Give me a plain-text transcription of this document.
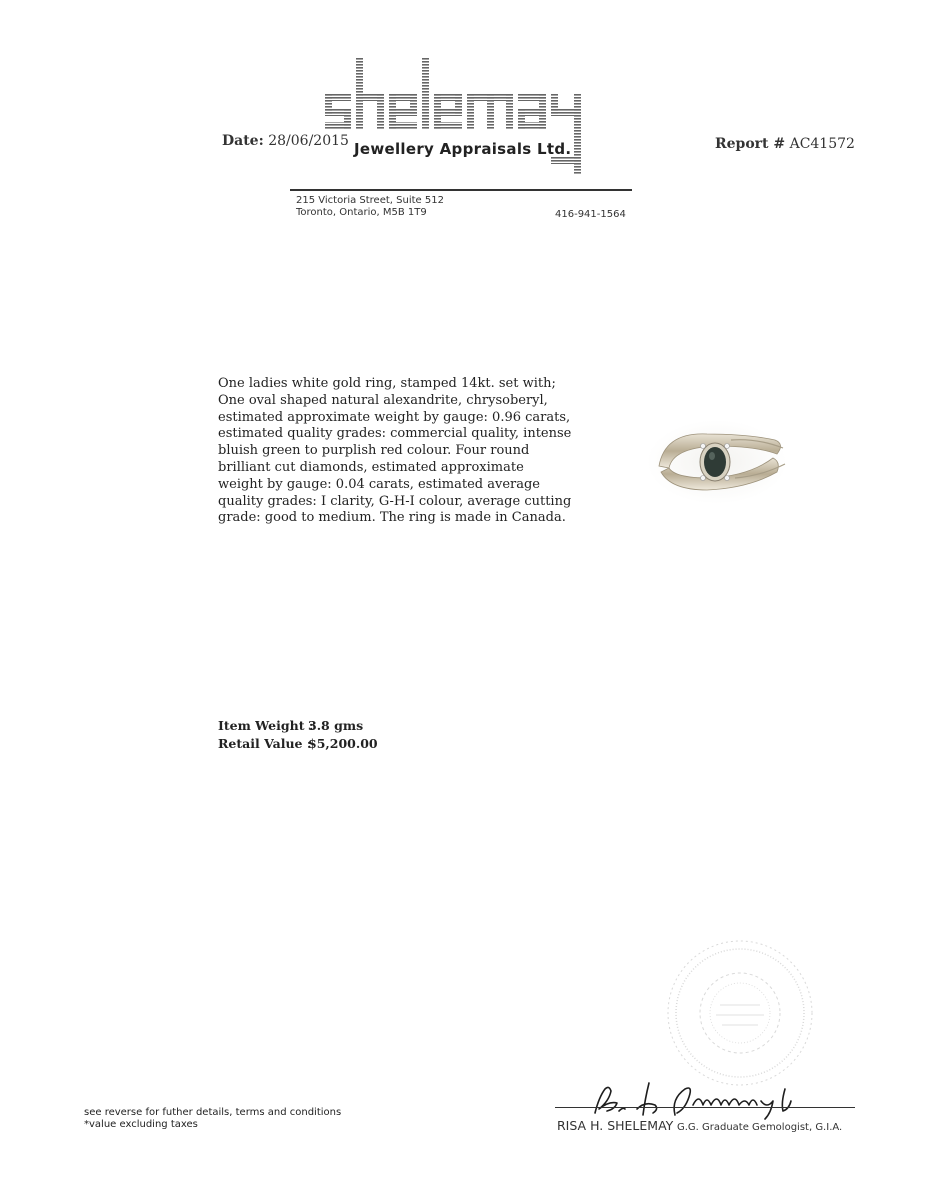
Date: 28/06/2015 Jewellery Appraisals Ltd.	Report # AC41572
215 Victoria Street, Suite 512
Toronto, Ontario, M5B 1T9	416-941-1564
One ladies white gold ring, stamped 14kt. set with;
One oval shaped natural alexandrite, chrysoberyl,
estimated approximate weight by gauge: 0.96 carats,
estimated quality grades: commercial quality, intense
bluish green to purplish red colour. Four round
brilliant cut diamonds, estimated approximate
weight by gauge: 0.04 carats, estimated average
quality grades: I clarity, G-H-I colour, average cutting
grade: good to medium. The ring is made in Canada.
Item Weight :3.8 gms
Retail Value :$5,200.00
RISA H. SHELEMAY G.G. Graduate Gemologist, G.I.A.
see reverse for futher details, terms and conditions
*value excluding taxes
